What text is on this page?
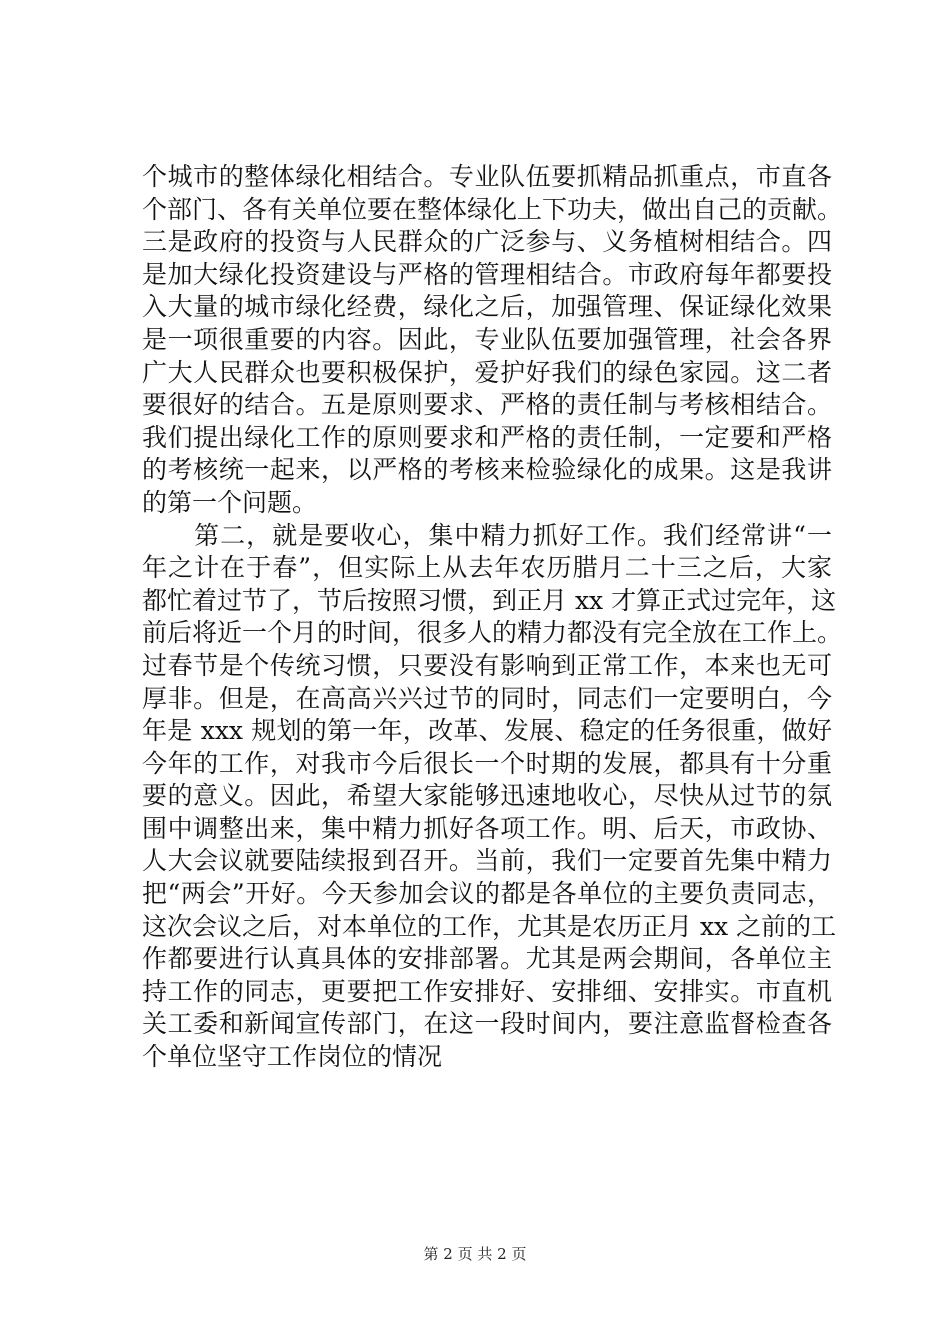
个城市的整体绿化相结合。专业队伍要抓精品抓重点，市直各
个部门、各有关单位要在整体绿化上下功夫，做出自己的贡献。
三是政府的投资与人民群众的广泛参与、义务植树相结合。四
是加大绿化投资建设与严格的管理相结合。市政府每年都要投
入大量的城市绿化经费，绿化之后，加强管理、保证绿化效果
是一项很重要的内容。因此，专业队伍要加强管理，社会各界
广大人民群众也要积极保护，爱护好我们的绿色家园。这二者
要很好的结合。五是原则要求、严格的责任制与考核相结合。
我们提出绿化工作的原则要求和严格的责任制，一定要和严格
的考核统一起来，以严格的考核来检验绿化的成果。这是我讲
的第一个问题。
　　第二，就是要收心，集中精力抓好工作。我们经常讲“一
年之计在于春”，但实际上从去年农历腊月二十三之后，大家
都忙着过节了，节后按照习惯，到正月 xx 才算正式过完年，这
前后将近一个月的时间，很多人的精力都没有完全放在工作上。
过春节是个传统习惯，只要没有影响到正常工作，本来也无可
厚非。但是，在高高兴兴过节的同时，同志们一定要明白，今
年是 xxx 规划的第一年，改革、发展、稳定的任务很重，做好
今年的工作，对我市今后很长一个时期的发展，都具有十分重
要的意义。因此，希望大家能够迅速地收心，尽快从过节的氛
围中调整出来，集中精力抓好各项工作。明、后天，市政协、
人大会议就要陆续报到召开。当前，我们一定要首先集中精力
把“两会”开好。今天参加会议的都是各单位的主要负责同志，
这次会议之后，对本单位的工作，尤其是农历正月 xx 之前的工
作都要进行认真具体的安排部署。尤其是两会期间，各单位主
持工作的同志，更要把工作安排好、安排细、安排实。市直机
关工委和新闻宣传部门，在这一段时间内，要注意监督检查各
个单位坚守工作岗位的情况
第 2 页 共 2 页
